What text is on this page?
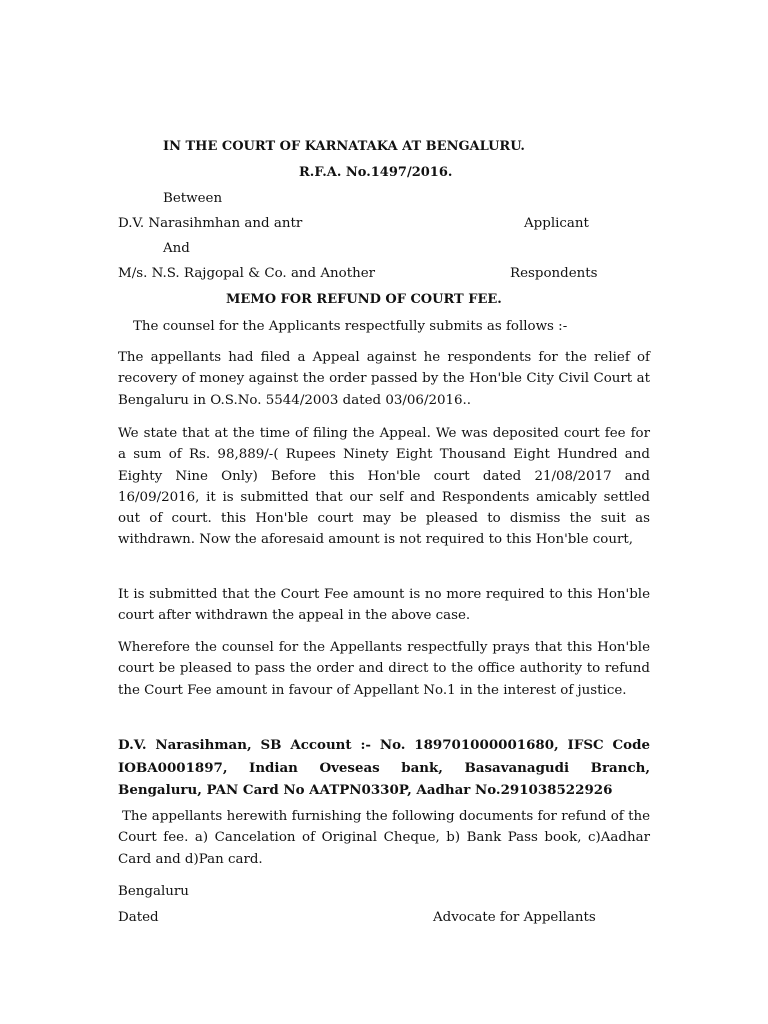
IN THE COURT OF KARNATAKA AT BENGALURU.

R.F.A. No.1497/2016.

Between

D.V. Narasihmhan and antr	Applicant

And

M/s. N.S. Rajgopal & Co. and Another	Respondents

MEMO FOR REFUND OF COURT FEE.

The counsel for the Applicants respectfully submits as follows :-

The appellants had filed a Appeal against he respondents for the relief of recovery of money against the order passed by the Hon'ble City Civil Court at Bengaluru in O.S.No. 5544/2003 dated 03/06/2016..

We state that at the time of filing the Appeal. We was deposited court fee for a sum of Rs. 98,889/-( Rupees Ninety Eight Thousand Eight Hundred and Eighty Nine Only) Before this Hon'ble court dated 21/08/2017 and 16/09/2016, it is submitted that our self and Respondents amicably settled out of court. this Hon'ble court may be pleased to dismiss the suit as withdrawn. Now the aforesaid amount is not required to this Hon'ble court,

It is submitted that the Court Fee amount is no more required to this Hon'ble court after withdrawn the appeal in the above case.

Wherefore the counsel for the Appellants respectfully prays that this Hon'ble court be pleased to pass the order and direct to the office authority to refund the Court Fee amount in favour of Appellant No.1 in the interest of justice.

D.V. Narasihman, SB Account :- No. 189701000001680, IFSC Code IOBA0001897, Indian Oveseas bank, Basavanagudi Branch, Bengaluru, PAN Card No AATPN0330P, Aadhar No.291038522926

The appellants herewith furnishing the following documents for refund of the Court fee. a) Cancelation of Original Cheque, b) Bank Pass book, c)Aadhar Card and d)Pan card.

Bengaluru

Dated	Advocate for Appellants
